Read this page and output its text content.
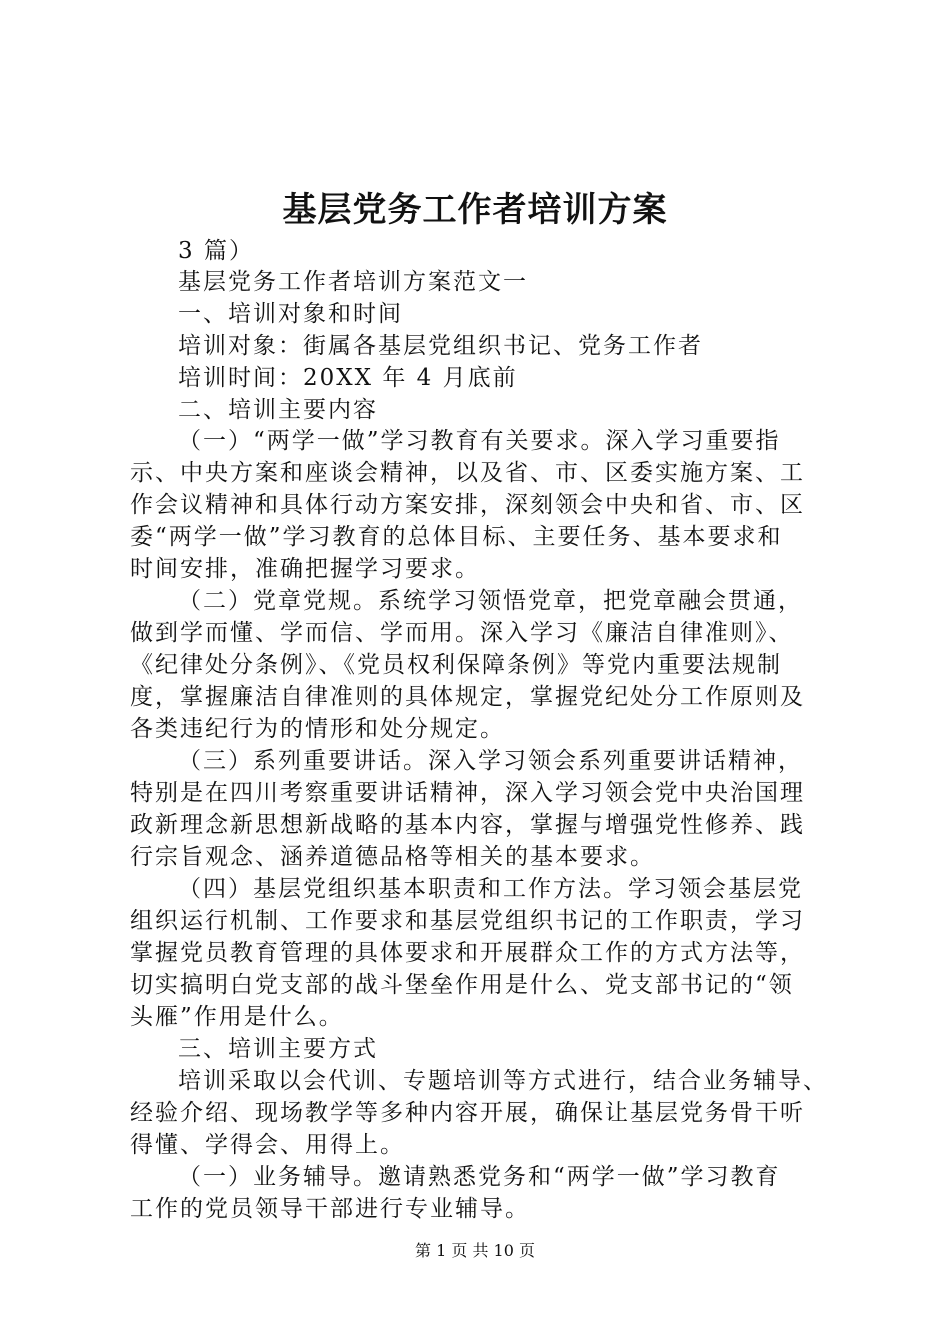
基层党务工作者培训方案
3 篇）
基层党务工作者培训方案范文一
一、培训对象和时间
培训对象：街属各基层党组织书记、党务工作者
培训时间：20XX 年 4 月底前
二、培训主要内容
（一）“两学一做”学习教育有关要求。深入学习重要指
示、中央方案和座谈会精神，以及省、市、区委实施方案、工
作会议精神和具体行动方案安排，深刻领会中央和省、市、区
委“两学一做”学习教育的总体目标、主要任务、基本要求和
时间安排，准确把握学习要求。
（二）党章党规。系统学习领悟党章，把党章融会贯通，
做到学而懂、学而信、学而用。深入学习《廉洁自律准则》、
《纪律处分条例》、《党员权利保障条例》等党内重要法规制
度，掌握廉洁自律准则的具体规定，掌握党纪处分工作原则及
各类违纪行为的情形和处分规定。
（三）系列重要讲话。深入学习领会系列重要讲话精神，
特别是在四川考察重要讲话精神，深入学习领会党中央治国理
政新理念新思想新战略的基本内容，掌握与增强党性修养、践
行宗旨观念、涵养道德品格等相关的基本要求。
（四）基层党组织基本职责和工作方法。学习领会基层党
组织运行机制、工作要求和基层党组织书记的工作职责，学习
掌握党员教育管理的具体要求和开展群众工作的方式方法等，
切实搞明白党支部的战斗堡垒作用是什么、党支部书记的“领
头雁”作用是什么。
三、培训主要方式
培训采取以会代训、专题培训等方式进行，结合业务辅导、
经验介绍、现场教学等多种内容开展，确保让基层党务骨干听
得懂、学得会、用得上。
（一）业务辅导。邀请熟悉党务和“两学一做”学习教育
工作的党员领导干部进行专业辅导。
第 1 页 共 10 页
